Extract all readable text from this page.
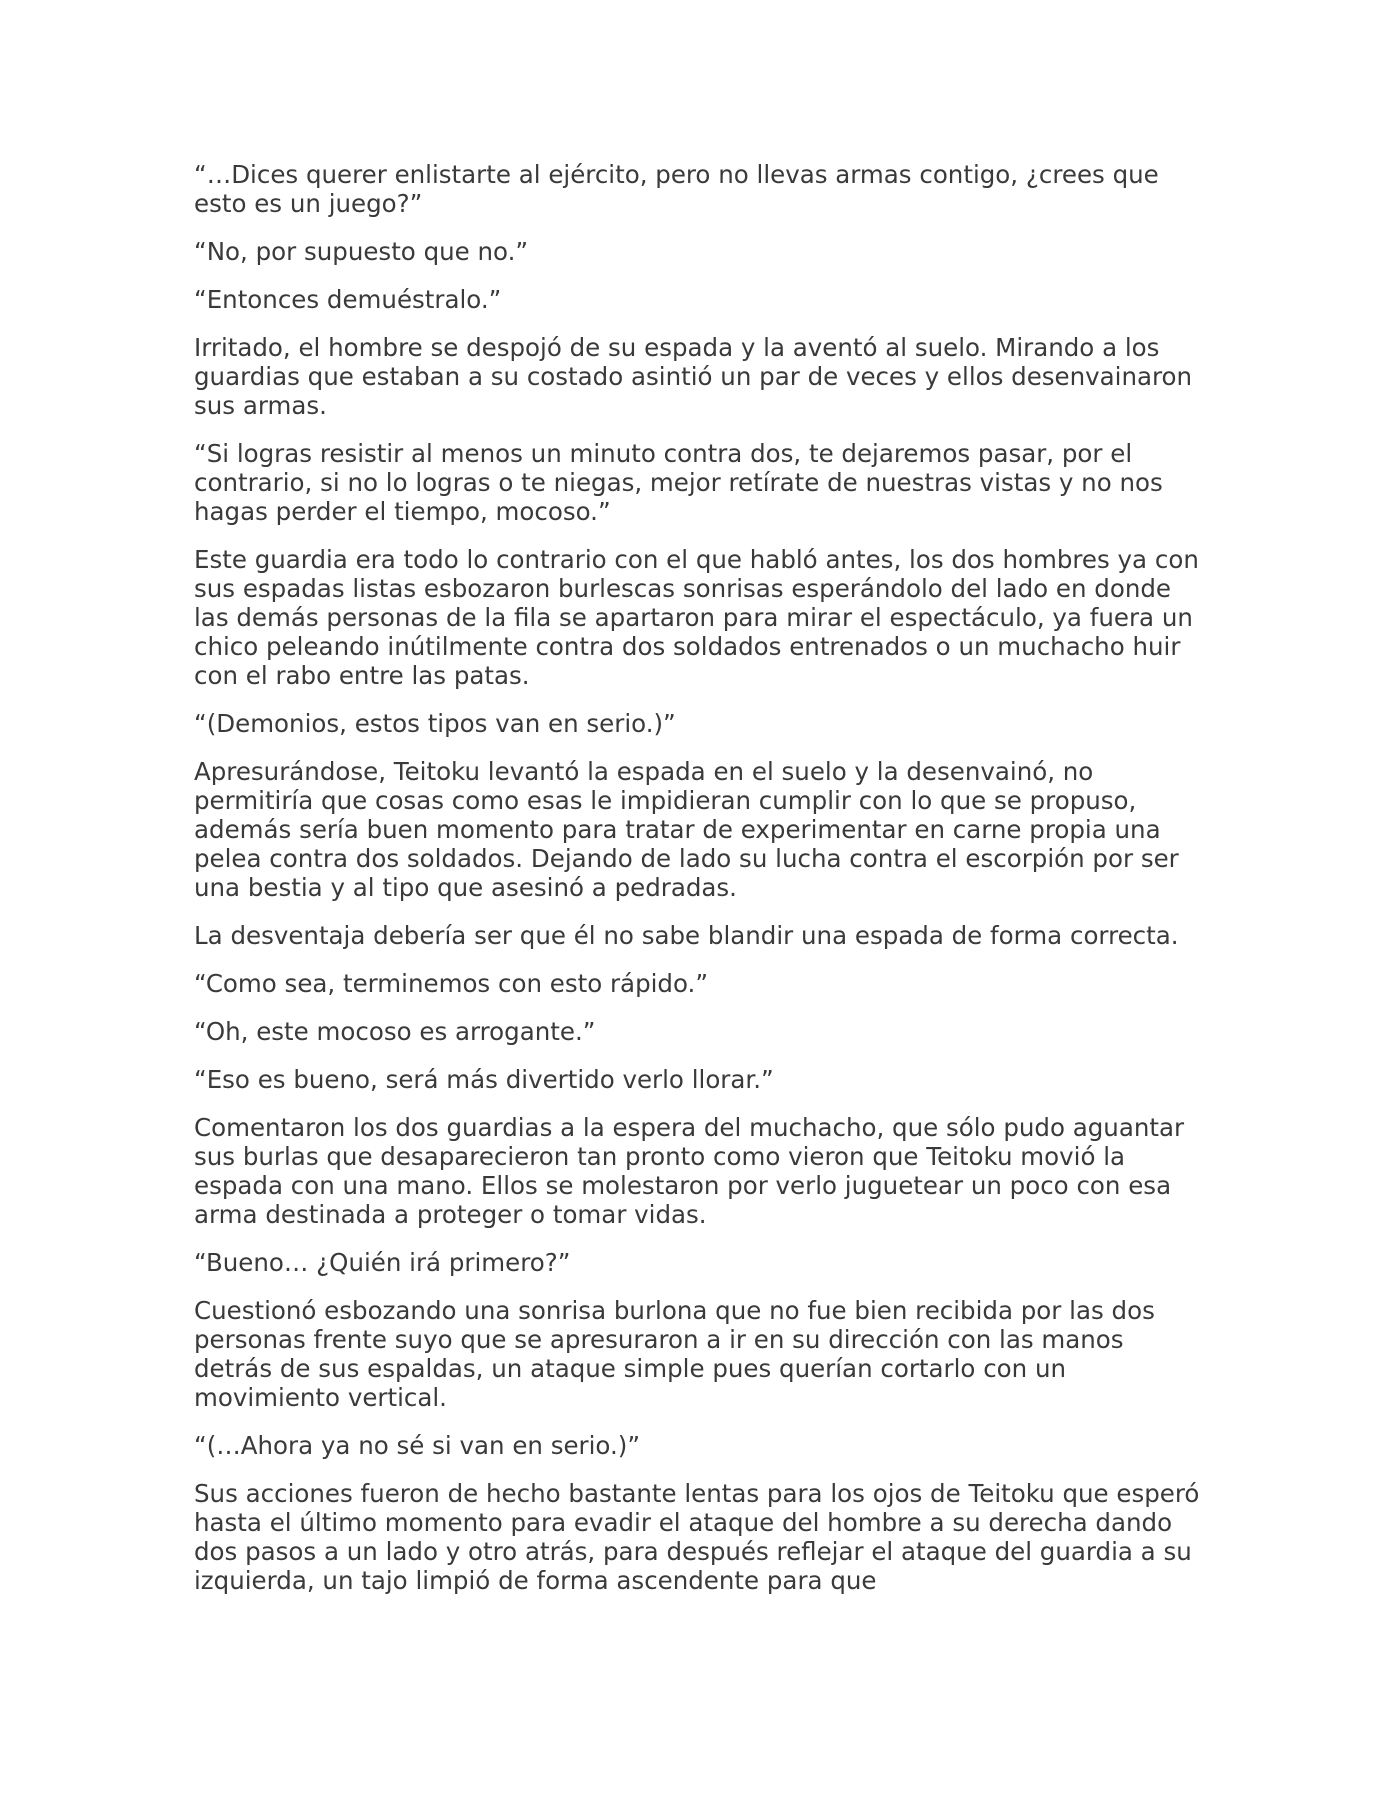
“…Dices querer enlistarte al ejército, pero no llevas armas contigo, ¿crees que esto es un juego?”

“No, por supuesto que no.”

“Entonces demuéstralo.”

Irritado, el hombre se despojó de su espada y la aventó al suelo. Mirando a los guardias que estaban a su costado asintió un par de veces y ellos desenvainaron sus armas.

“Si logras resistir al menos un minuto contra dos, te dejaremos pasar, por el contrario, si no lo logras o te niegas, mejor retírate de nuestras vistas y no nos hagas perder el tiempo, mocoso.”

Este guardia era todo lo contrario con el que habló antes, los dos hombres ya con sus espadas listas esbozaron burlescas sonrisas esperándolo del lado en donde las demás personas de la fila se apartaron para mirar el espectáculo, ya fuera un chico peleando inútilmente contra dos soldados entrenados o un muchacho huir con el rabo entre las patas.

“(Demonios, estos tipos van en serio.)”

Apresurándose, Teitoku levantó la espada en el suelo y la desenvainó, no permitiría que cosas como esas le impidieran cumplir con lo que se propuso, además sería buen momento para tratar de experimentar en carne propia una pelea contra dos soldados. Dejando de lado su lucha contra el escorpión por ser una bestia y al tipo que asesinó a pedradas.

La desventaja debería ser que él no sabe blandir una espada de forma correcta.

“Como sea, terminemos con esto rápido.”

“Oh, este mocoso es arrogante.”

“Eso es bueno, será más divertido verlo llorar.”

Comentaron los dos guardias a la espera del muchacho, que sólo pudo aguantar sus burlas que desaparecieron tan pronto como vieron que Teitoku movió la espada con una mano. Ellos se molestaron por verlo juguetear un poco con esa arma destinada a proteger o tomar vidas.

“Bueno… ¿Quién irá primero?”

Cuestionó esbozando una sonrisa burlona que no fue bien recibida por las dos personas frente suyo que se apresuraron a ir en su dirección con las manos detrás de sus espaldas, un ataque simple pues querían cortarlo con un movimiento vertical.

“(…Ahora ya no sé si van en serio.)”

Sus acciones fueron de hecho bastante lentas para los ojos de Teitoku que esperó hasta el último momento para evadir el ataque del hombre a su derecha dando dos pasos a un lado y otro atrás, para después reflejar el ataque del guardia a su izquierda, un tajo limpió de forma ascendente para que
